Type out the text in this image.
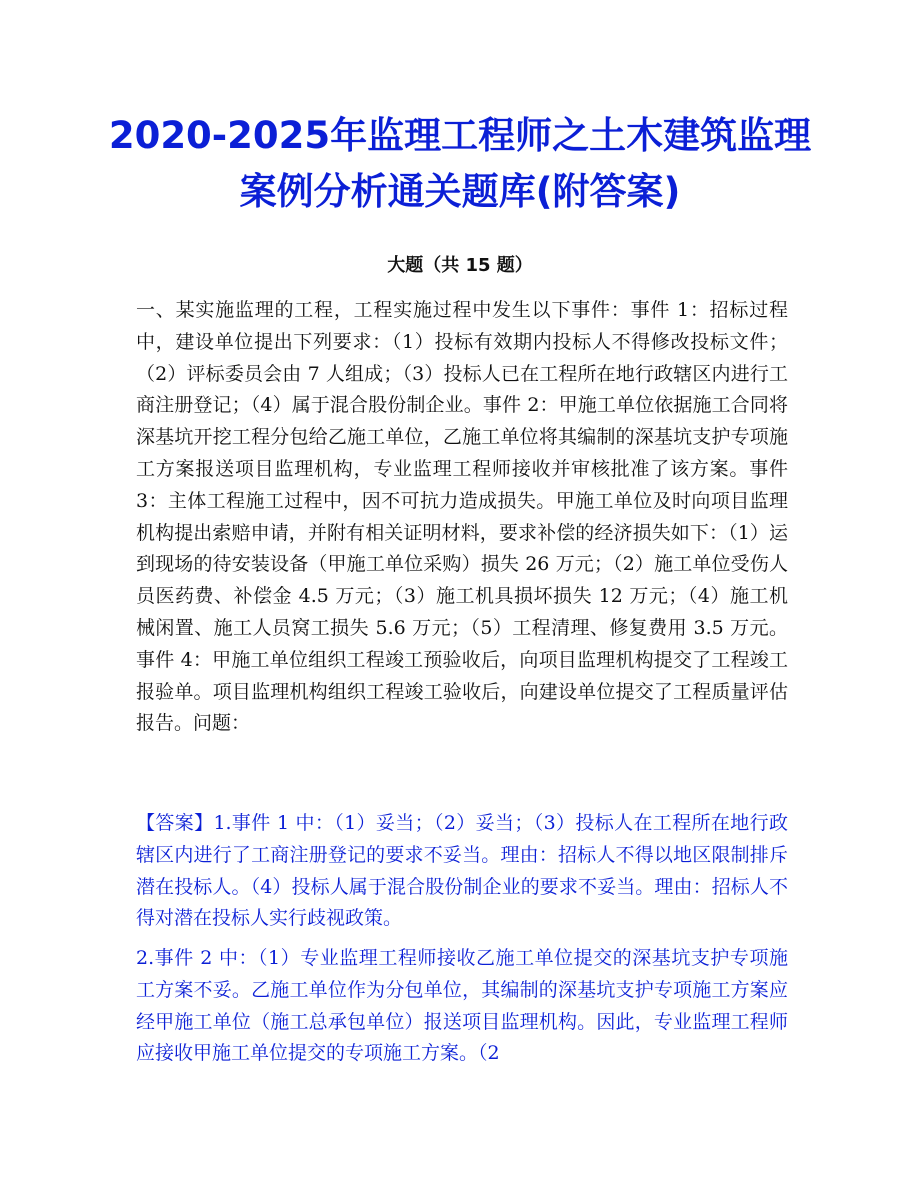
2020-2025年监理工程师之土木建筑监理
案例分析通关题库(附答案)
大题（共 15 题）

一、某实施监理的工程，工程实施过程中发生以下事件：事件 1：招标过程中，建设单位提出下列要求：（1）投标有效期内投标人不得修改投标文件；（2）评标委员会由 7 人组成；（3）投标人已在工程所在地行政辖区内进行工商注册登记；（4）属于混合股份制企业。事件 2：甲施工单位依据施工合同将深基坑开挖工程分包给乙施工单位，乙施工单位将其编制的深基坑支护专项施工方案报送项目监理机构，专业监理工程师接收并审核批准了该方案。事件 3：主体工程施工过程中，因不可抗力造成损失。甲施工单位及时向项目监理机构提出索赔申请，并附有相关证明材料，要求补偿的经济损失如下：（1）运到现场的待安装设备（甲施工单位采购）损失 26 万元；（2）施工单位受伤人员医药费、补偿金 4.5 万元；（3）施工机具损坏损失 12 万元；（4）施工机械闲置、施工人员窝工损失 5.6 万元；（5）工程清理、修复费用 3.5 万元。事件 4：甲施工单位组织工程竣工预验收后，向项目监理机构提交了工程竣工报验单。项目监理机构组织工程竣工验收后，向建设单位提交了工程质量评估报告。问题：

【答案】1.事件 1 中：（1）妥当；（2）妥当；（3）投标人在工程所在地行政辖区内进行了工商注册登记的要求不妥当。理由：招标人不得以地区限制排斥潜在投标人。（4）投标人属于混合股份制企业的要求不妥当。理由：招标人不得对潜在投标人实行歧视政策。

2.事件 2 中：（1）专业监理工程师接收乙施工单位提交的深基坑支护专项施工方案不妥。乙施工单位作为分包单位，其编制的深基坑支护专项施工方案应经甲施工单位（施工总承包单位）报送项目监理机构。因此，专业监理工程师应接收甲施工单位提交的专项施工方案。（2
